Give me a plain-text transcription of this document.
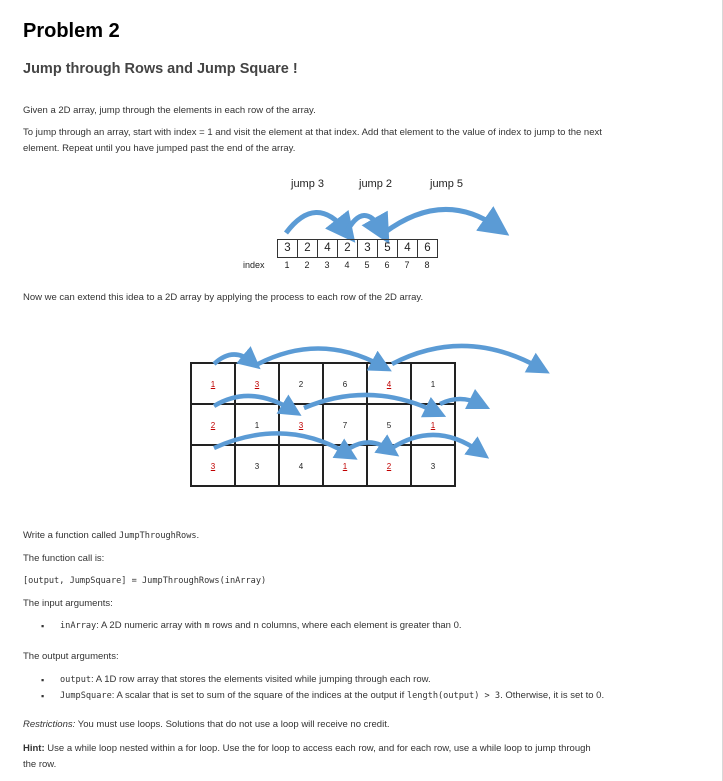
Problem 2
Jump through Rows and Jump Square !

Given a 2D array, jump through the elements in each row of the array.

To jump through an array, start with index = 1 and visit the element at that index. Add that element to the value of index to jump to the next

element. Repeat until you have jumped past the end of the array.

jump 3	jump 2	jump 5
3	2	4	2	3	5	4	6
index	1	2	3	4	5	6	7	8

Now we can extend this idea to a 2D array by applying the process to each row of the 2D array.

1	3	2	6	4	1
2	1	3	7	5	1
3	3	4	1	2	3

Write a function called JumpThroughRows.

The function call is:

[output, JumpSquare] = JumpThroughRows(inArray)

The input arguments:

▪ inArray: A 2D numeric array with m rows and n columns, where each element is greater than 0.

The output arguments:

▪ output: A 1D row array that stores the elements visited while jumping through each row.
▪ JumpSquare: A scalar that is set to sum of the square of the indices at the output if length(output) > 3. Otherwise, it is set to 0.

Restrictions: You must use loops. Solutions that do not use a loop will receive no credit.

Hint: Use a while loop nested within a for loop. Use the for loop to access each row, and for each row, use a while loop to jump through

the row.
